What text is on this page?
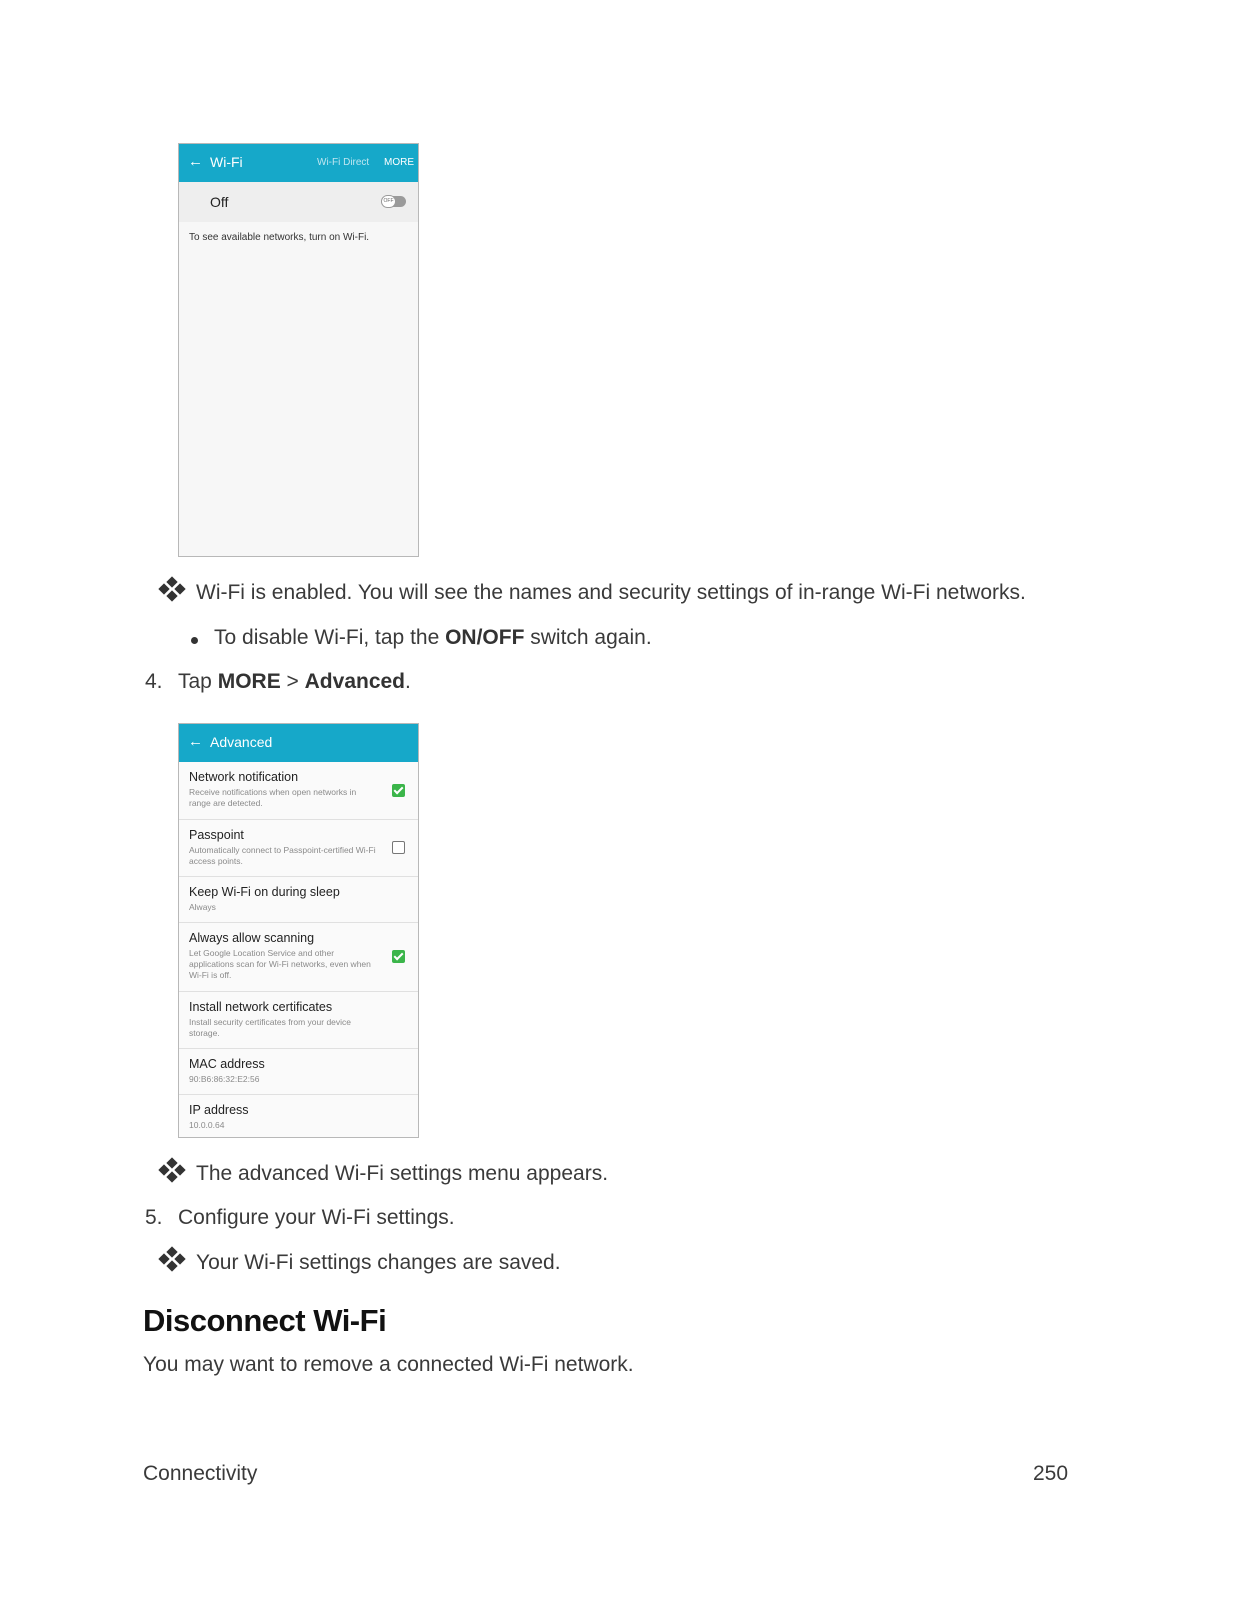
← Wi-Fi	Wi-Fi Direct MORE
Off	OFF
To see available networks, turn on Wi-Fi.
Wi-Fi is enabled. You will see the names and security settings of in-range Wi-Fi networks.
To disable Wi-Fi, tap the ON/OFF switch again.
4. Tap MORE > Advanced.
← Advanced
Network notification
Receive notifications when open networks in range are detected.
Passpoint
Automatically connect to Passpoint-certified Wi-Fi access points.
Keep Wi-Fi on during sleep
Always
Always allow scanning
Let Google Location Service and other applications scan for Wi-Fi networks, even when Wi-Fi is off.
Install network certificates
Install security certificates from your device storage.
MAC address
90:B6:86:32:E2:56
IP address
10.0.0.64
The advanced Wi-Fi settings menu appears.
5. Configure your Wi-Fi settings.
Your Wi-Fi settings changes are saved.
Disconnect Wi-Fi
You may want to remove a connected Wi-Fi network.
Connectivity	250
